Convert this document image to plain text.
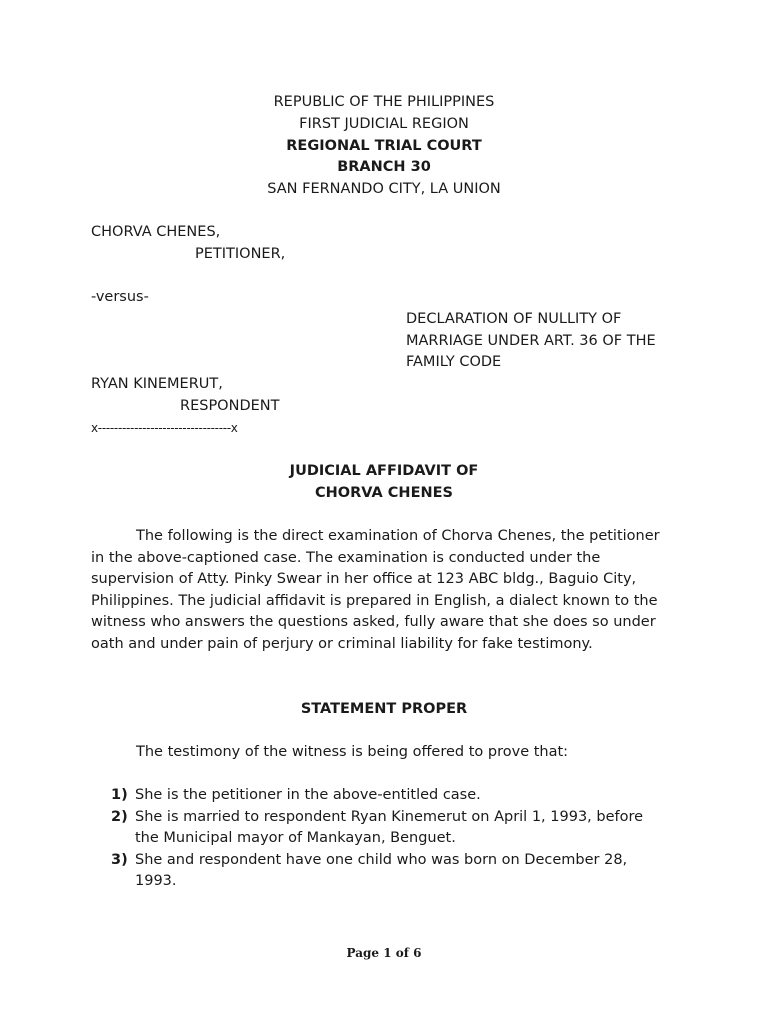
REPUBLIC OF THE PHILIPPINES
FIRST JUDICIAL REGION
REGIONAL TRIAL COURT
BRANCH 30
SAN FERNANDO CITY, LA UNION
CHORVA CHENES,
PETITIONER,
-versus-
DECLARATION OF NULLITY OF
MARRIAGE UNDER ART. 36 OF THE
FAMILY CODE
RYAN KINEMERUT,
RESPONDENT
x---------------------------------x
JUDICIAL AFFIDAVIT OF
CHORVA CHENES
The following is the direct examination of Chorva Chenes, the petitioner in the above-captioned case. The examination is conducted under the supervision of Atty. Pinky Swear in her office at 123 ABC bldg., Baguio City, Philippines. The judicial affidavit is prepared in English, a dialect known to the witness who answers the questions asked, fully aware that she does so under oath and under pain of perjury or criminal liability for fake testimony.
STATEMENT PROPER
The testimony of the witness is being offered to prove that:
1) She is the petitioner in the above-entitled case.
2) She is married to respondent Ryan Kinemerut on April 1, 1993, before the Municipal mayor of Mankayan, Benguet.
3) She and respondent have one child who was born on December 28, 1993.
Page 1 of 6
